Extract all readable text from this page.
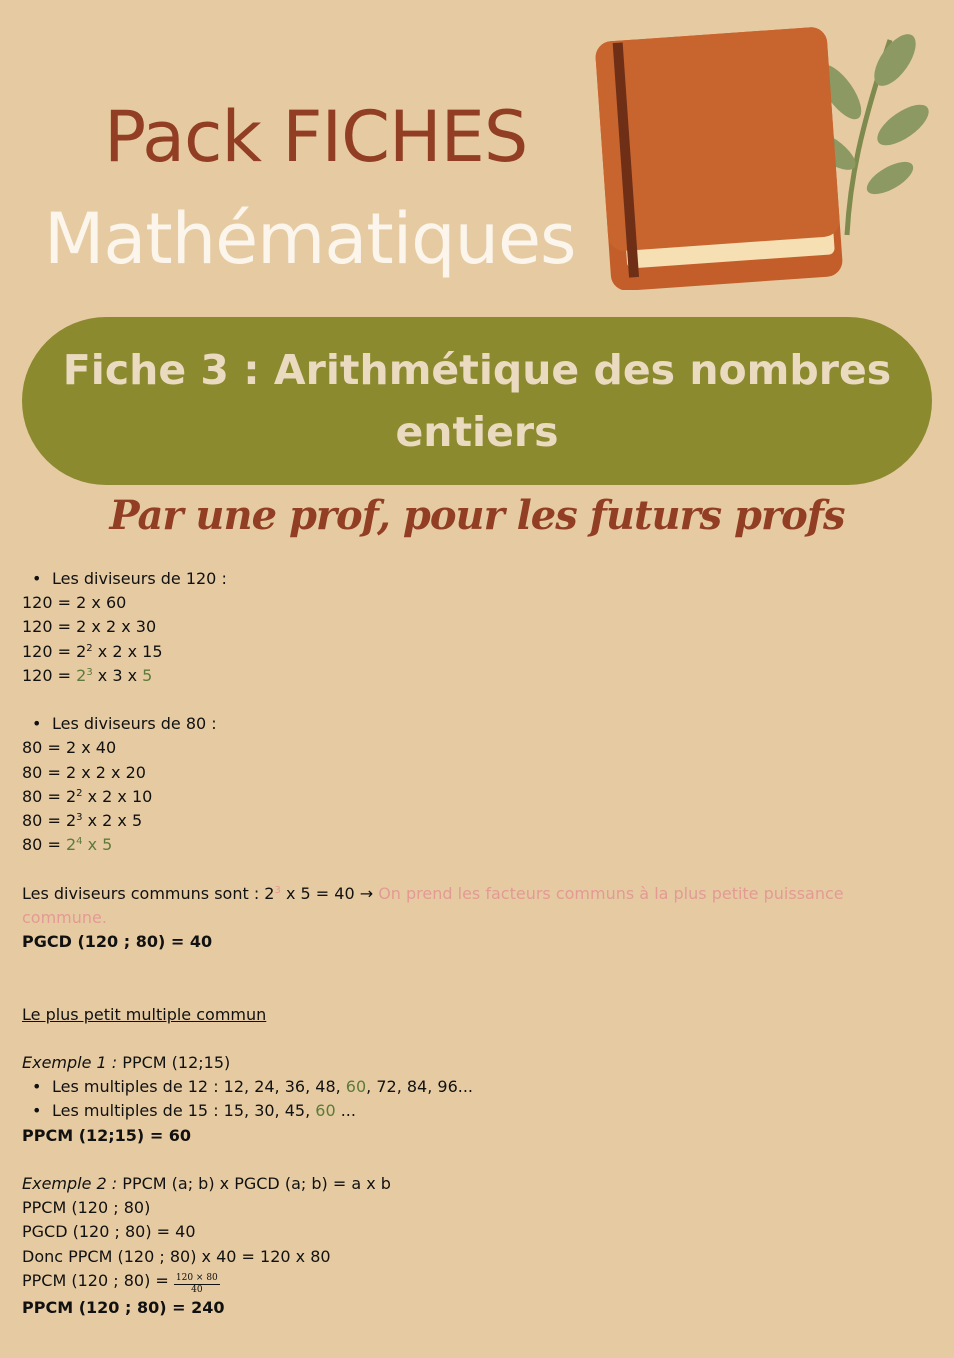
Pack FICHES
Mathématiques
Fiche 3 : Arithmétique des nombres entiers
Par une prof, pour les futurs profs
• Les diviseurs de 120 :
120 = 2 x 60
120 = 2 x 2 x 30
$120 = 2^2$ x 2 x 15
$120 = 2^3$ x 3 x 5
• Les diviseurs de 80 :
80 = 2 x 40
80 = 2 x 2 x 20
$80 = 2^2$ x 2 x 10
$80 = 2^3$ x 2 x 5
$80 = 2^4$ x 5
Les diviseurs communs sont : $2^3$ x 5 = 40 → On prend les facteurs communs à la plus petite puissance commune.
PGCD (120 ; 80) = 40
Le plus petit multiple commun
Exemple 1 : PPCM (12;15)
• Les multiples de 12 : 12, 24, 36, 48, 60, 72, 84, 96...
• Les multiples de 15 : 15, 30, 45, 60 ...
PPCM (12;15) = 60
Exemple 2 : PPCM (a; b) x PGCD (a; b) = a x b
PPCM (120 ; 80)
PGCD (120 ; 80) = 40
Donc PPCM (120 ; 80) x 40 = 120 x 80
PPCM (120 ; $80) = \frac{120 \times 80}{40}$
PPCM (120 ; 80) = 240
